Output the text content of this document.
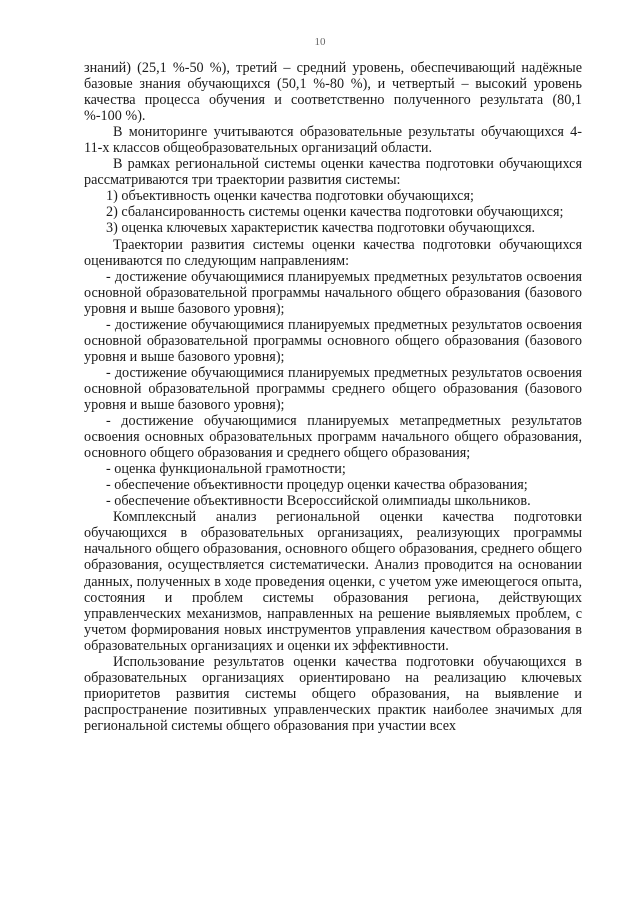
10

знаний) (25,1 %-50 %), третий – средний уровень, обеспечивающий надёжные базовые знания обучающихся (50,1 %-80 %), и четвертый – высокий уровень качества процесса обучения и соответственно полученного результата (80,1 %-100 %).

В мониторинге учитываются образовательные результаты обучающихся 4-11-х классов общеобразовательных организаций области.

В рамках региональной системы оценки качества подготовки обучающихся рассматриваются три траектории развития системы:

1) объективность оценки качества подготовки обучающихся;

2) сбалансированность системы оценки качества подготовки обучающихся;

3) оценка ключевых характеристик качества подготовки обучающихся.

Траектории развития системы оценки качества подготовки обучающихся оцениваются по следующим направлениям:

- достижение обучающимися планируемых предметных результатов освоения основной образовательной программы начального общего образования (базового уровня и выше базового уровня);

- достижение обучающимися планируемых предметных результатов освоения основной образовательной программы основного общего образования (базового уровня и выше базового уровня);

- достижение обучающимися планируемых предметных результатов освоения основной образовательной программы среднего общего образования (базового уровня и выше базового уровня);

- достижение обучающимися планируемых метапредметных результатов освоения основных образовательных программ начального общего образования, основного общего образования и среднего общего образования;

- оценка функциональной грамотности;

- обеспечение объективности процедур оценки качества образования;

- обеспечение объективности Всероссийской олимпиады школьников.

Комплексный анализ региональной оценки качества подготовки обучающихся в образовательных организациях, реализующих программы начального общего образования, основного общего образования, среднего общего образования, осуществляется систематически. Анализ проводится на основании данных, полученных в ходе проведения оценки, с учетом уже имеющегося опыта, состояния и проблем системы образования региона, действующих управленческих механизмов, направленных на решение выявляемых проблем, с учетом формирования новых инструментов управления качеством образования в образовательных организациях и оценки их эффективности.

Использование результатов оценки качества подготовки обучающихся в образовательных организациях ориентировано на реализацию ключевых приоритетов развития системы общего образования, на выявление и распространение позитивных управленческих практик наиболее значимых для региональной системы общего образования при участии всех
